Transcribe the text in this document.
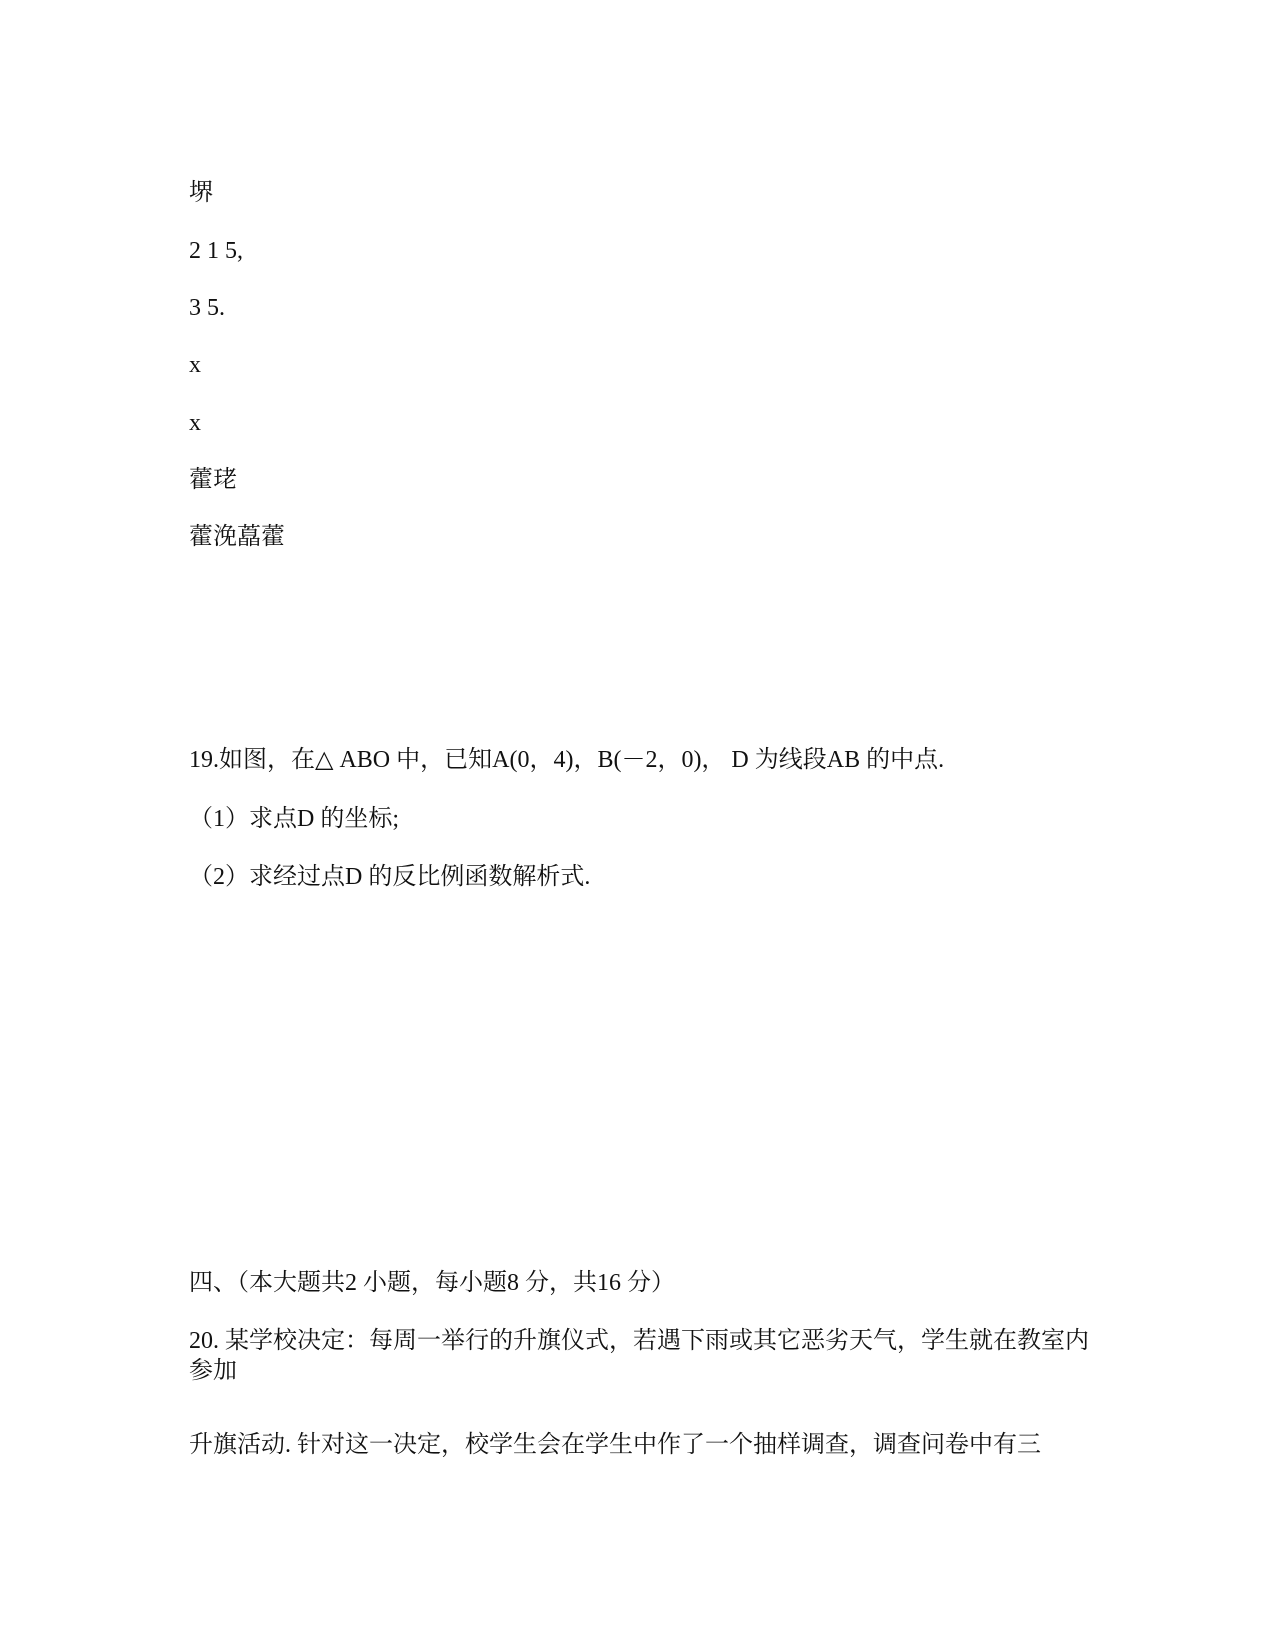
堺
2 1 5,
3 5.
x
x
藿珯
藿浼藠藿
19.如图，在△ ABO 中，已知A(0，4)，B(－2，0)， D 为线段AB 的中点.
（1）求点D 的坐标;
（2）求经过点D 的反比例函数解析式.
四、（本大题共2 小题，每小题8 分，共16 分）
20. 某学校决定：每周一举行的升旗仪式，若遇下雨或其它恶劣天气，学生就在教室内参加
升旗活动. 针对这一决定，校学生会在学生中作了一个抽样调查，调查问卷中有三
